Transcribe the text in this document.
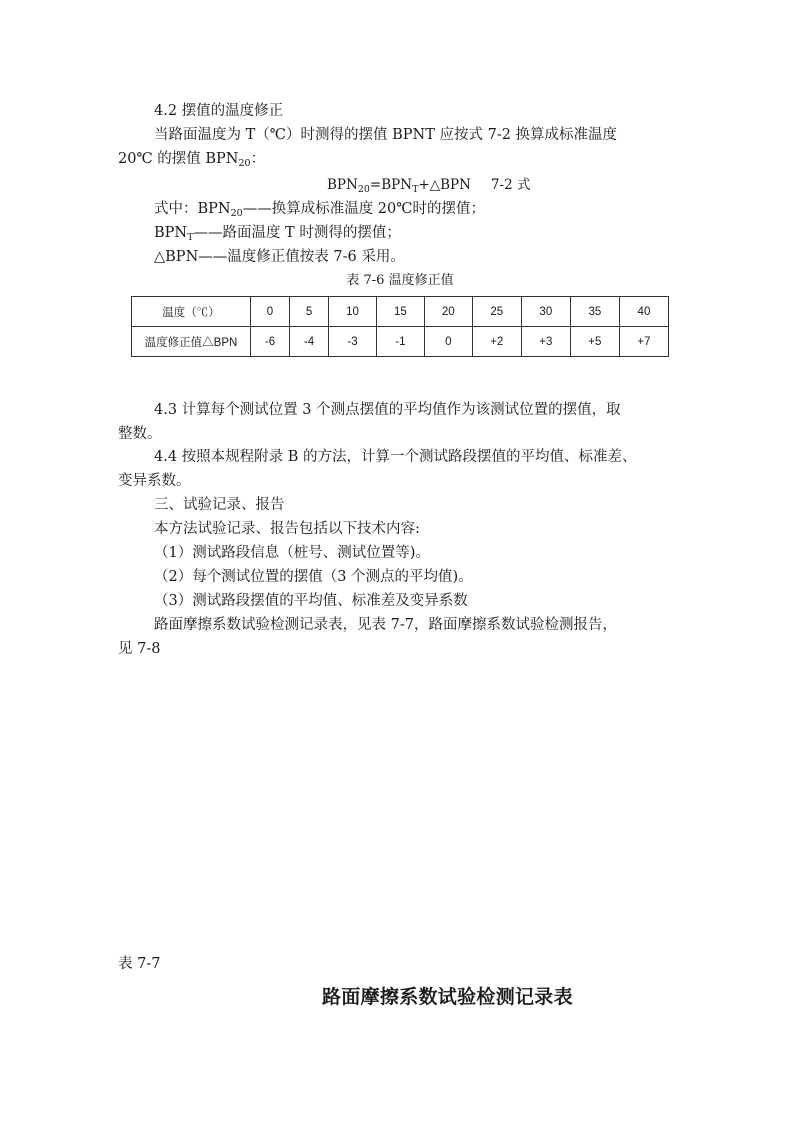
4.2 摆值的温度修正
当路面温度为 T（℃）时测得的摆值 BPNT 应按式 7-2 换算成标准温度
20℃ 的摆值 $BPN_{20}$：
$BPN_{20}=BPN_T+\triangle BPN$ 7-2 式
式中：$BPN_{20}——$换算成标准温度 20℃时的摆值；
$BPN_T——$路面温度 T 时测得的摆值；
△BPN——温度修正值按表 7-6 采用。
表 7-6 温度修正值
温度（℃）	0	5	10	15	20	25	30	35	40
温度修正值△BPN	-6	-4	-3	-1	0	+2	+3	+5	+7
4.3 计算每个测试位置 3 个测点摆值的平均值作为该测试位置的摆值，取
整数。
4.4 按照本规程附录 B 的方法，计算一个测试路段摆值的平均值、标准差、
变异系数。
三、试验记录、报告
本方法试验记录、报告包括以下技术内容:
（1）测试路段信息（桩号、测试位置等)。
（2）每个测试位置的摆值（3 个测点的平均值)。
（3）测试路段摆值的平均值、标准差及变异系数
路面摩擦系数试验检测记录表，见表 7-7，路面摩擦系数试验检测报告，
见 7-8
表 7-7
路面摩擦系数试验检测记录表
